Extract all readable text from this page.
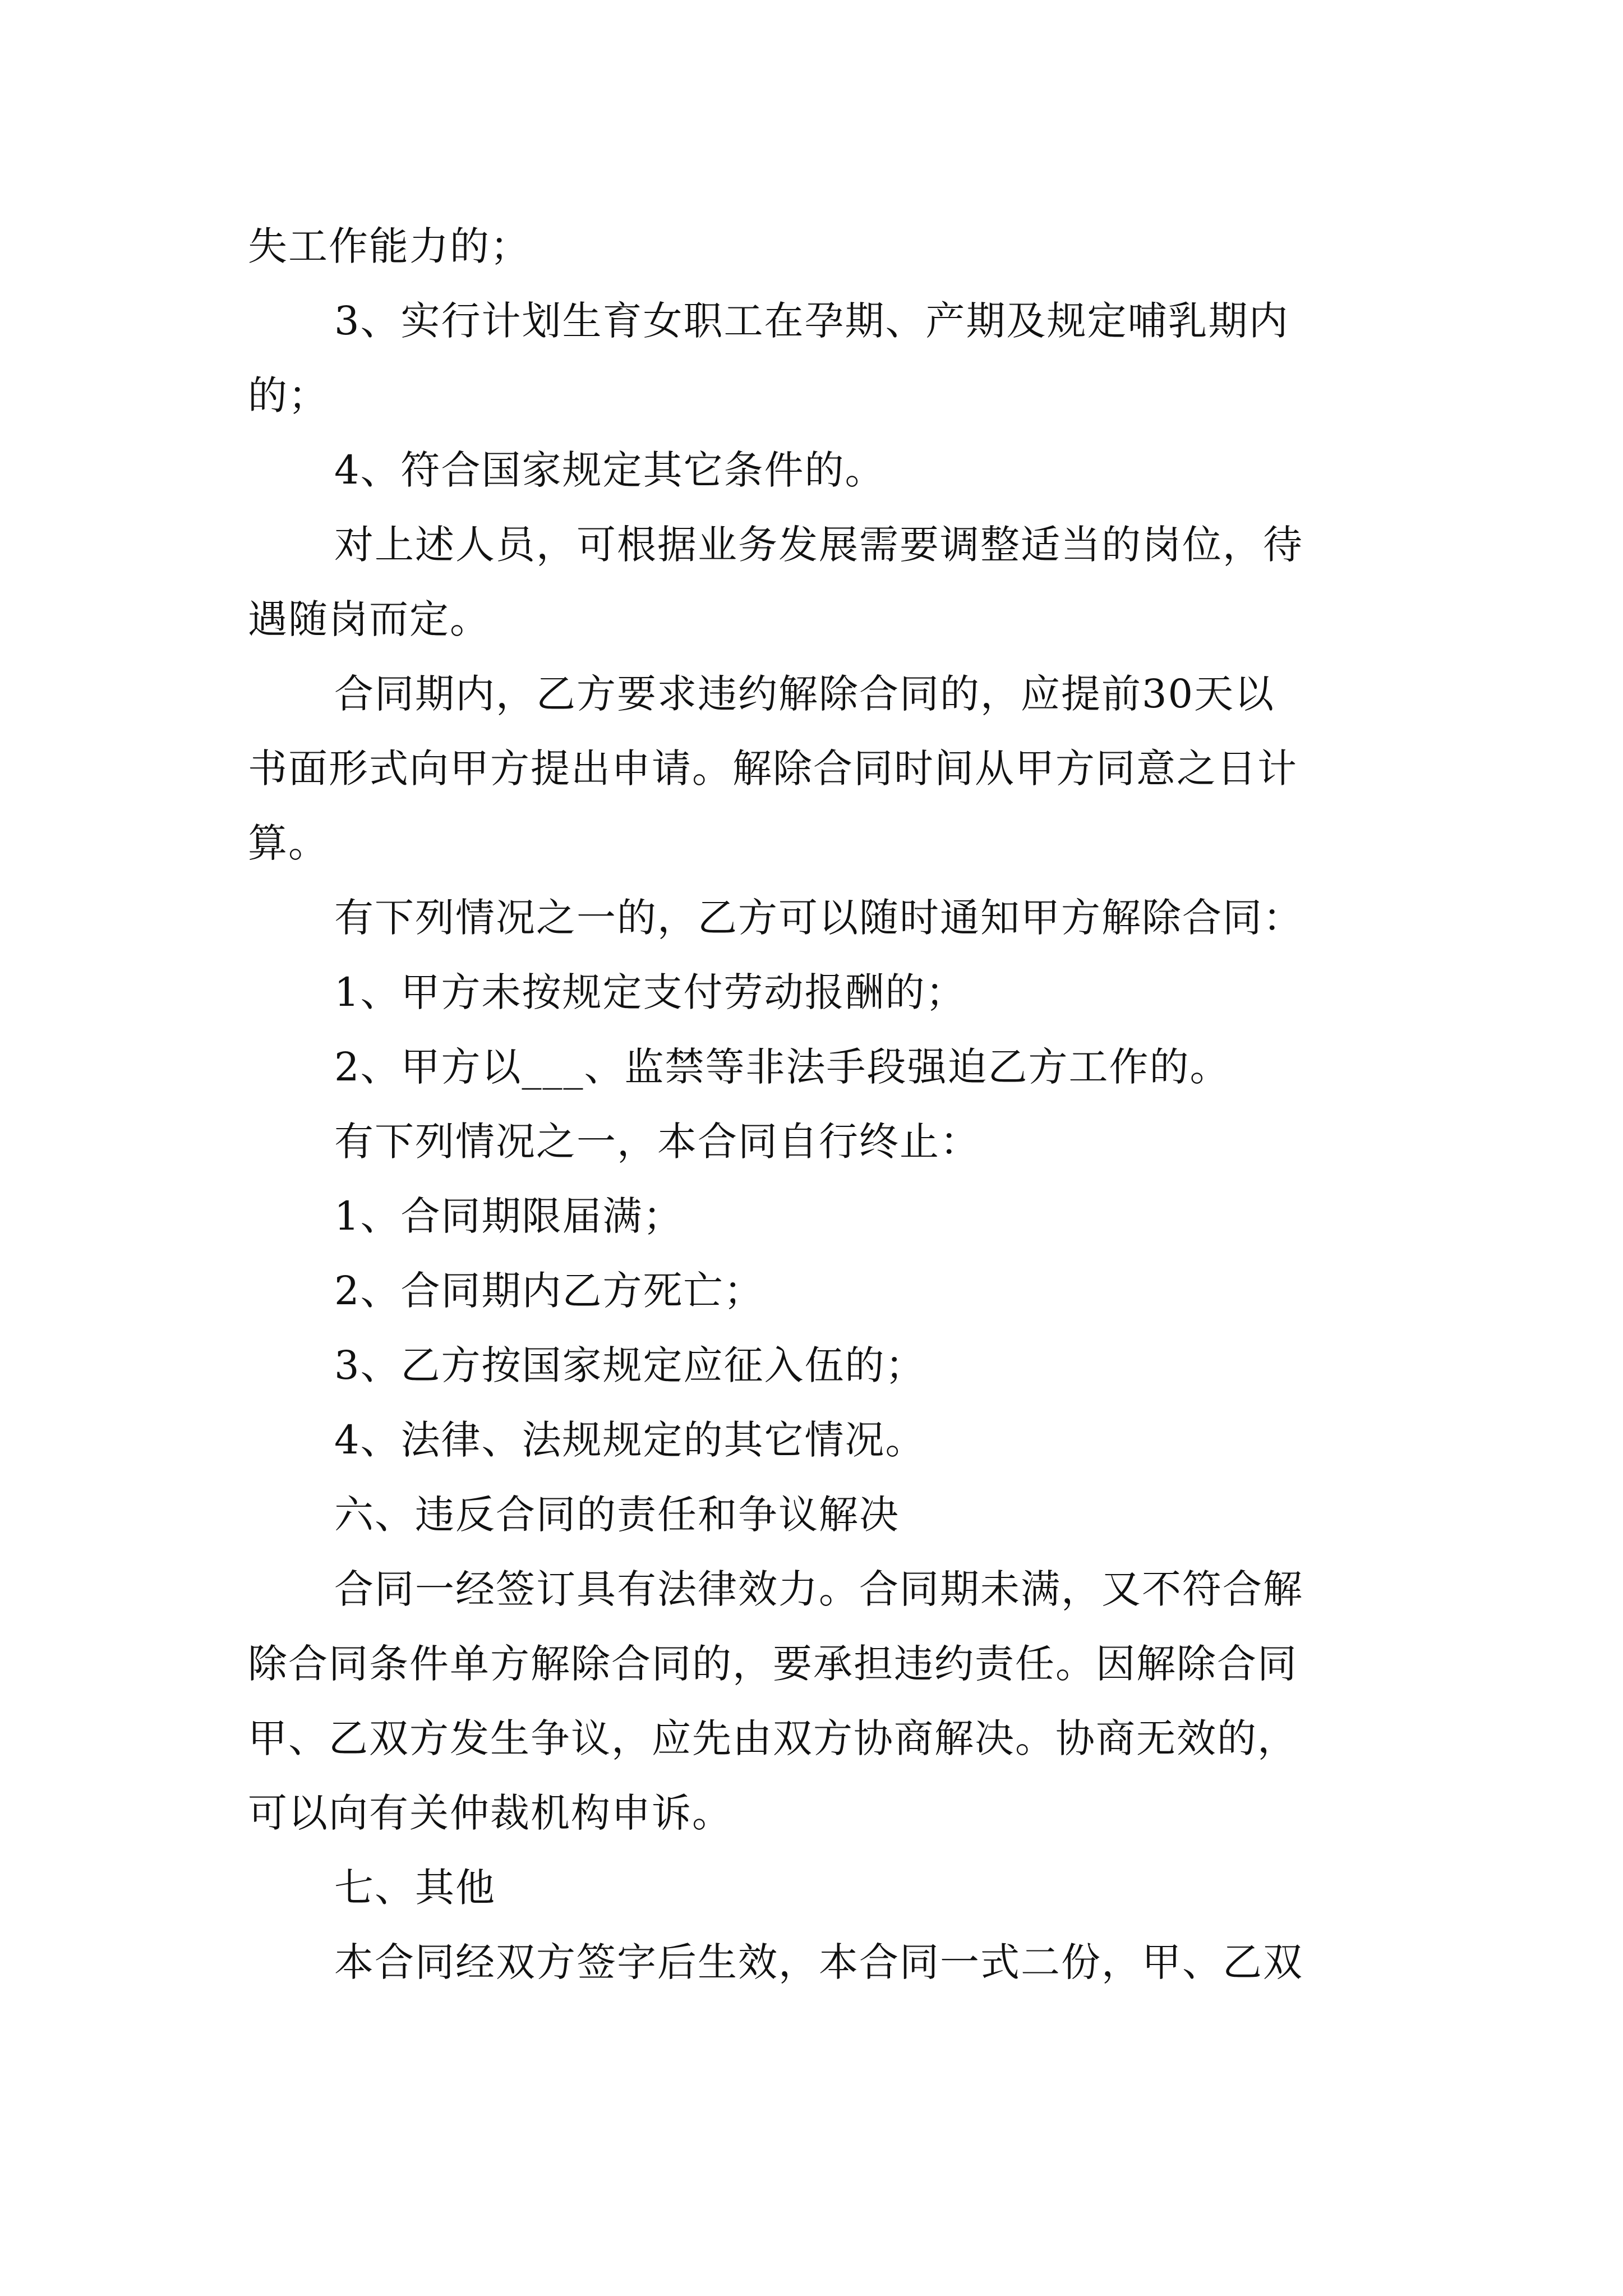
失工作能力的；
3、实行计划生育女职工在孕期、产期及规定哺乳期内
的；
4、符合国家规定其它条件的。
对上述人员，可根据业务发展需要调整适当的岗位，待
遇随岗而定。
合同期内，乙方要求违约解除合同的，应提前30天以
书面形式向甲方提出申请。解除合同时间从甲方同意之日计
算。
有下列情况之一的，乙方可以随时通知甲方解除合同：
1、甲方未按规定支付劳动报酬的；
2、甲方以___、监禁等非法手段强迫乙方工作的。
有下列情况之一，本合同自行终止：
1、合同期限届满；
2、合同期内乙方死亡；
3、乙方按国家规定应征入伍的；
4、法律、法规规定的其它情况。
六、违反合同的责任和争议解决
合同一经签订具有法律效力。合同期未满，又不符合解
除合同条件单方解除合同的，要承担违约责任。因解除合同
甲、乙双方发生争议，应先由双方协商解决。协商无效的，
可以向有关仲裁机构申诉。
七、其他
本合同经双方签字后生效，本合同一式二份，甲、乙双
